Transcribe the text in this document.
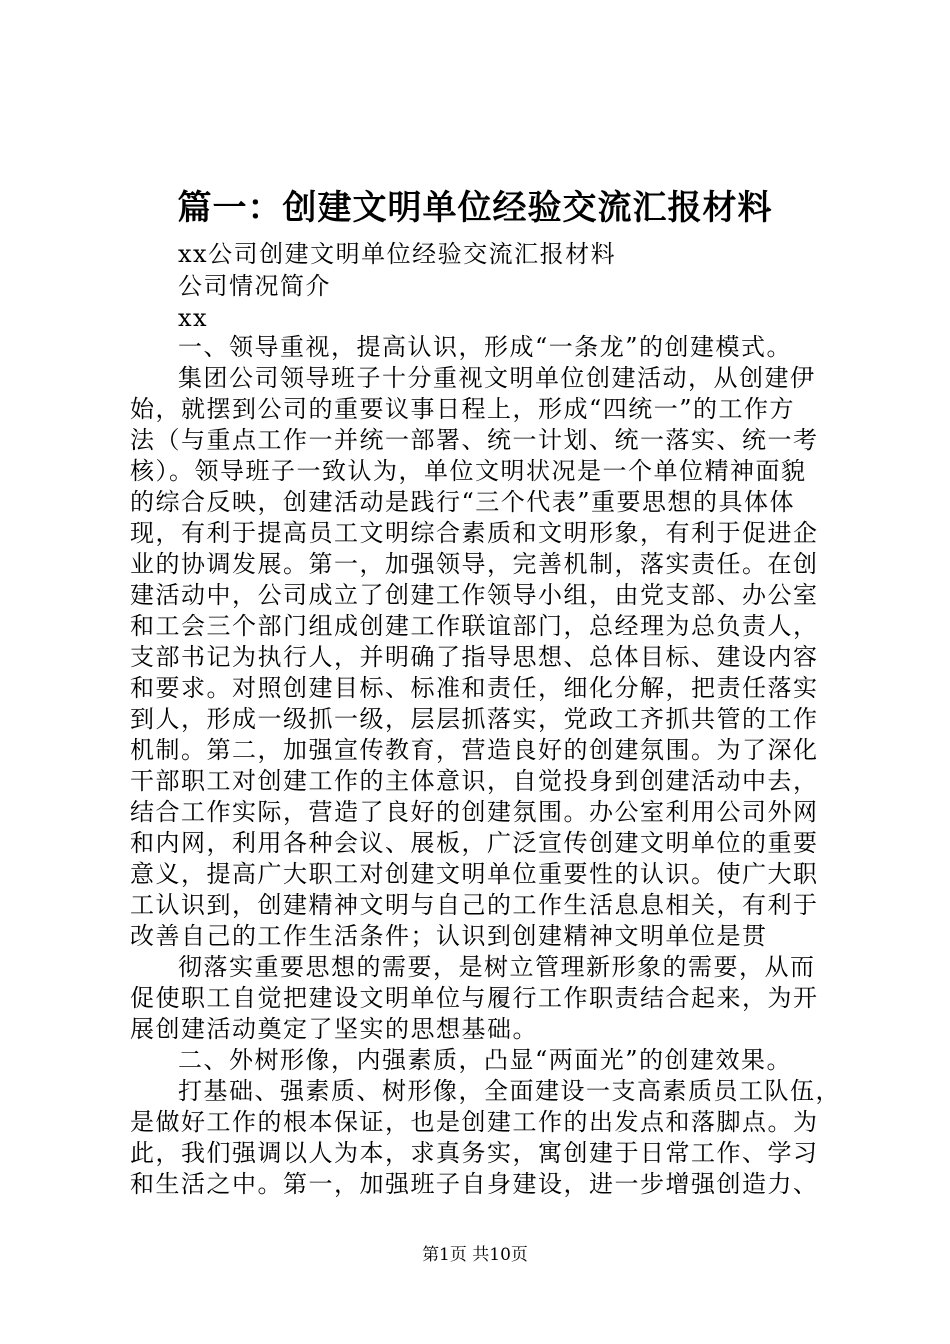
篇一：创建文明单位经验交流汇报材料
xx公司创建文明单位经验交流汇报材料
公司情况简介
xx
一、领导重视，提高认识，形成“一条龙”的创建模式。
集团公司领导班子十分重视文明单位创建活动，从创建伊
始，就摆到公司的重要议事日程上，形成“四统一”的工作方
法（与重点工作一并统一部署、统一计划、统一落实、统一考
核）。领导班子一致认为，单位文明状况是一个单位精神面貌
的综合反映，创建活动是践行“三个代表”重要思想的具体体
现，有利于提高员工文明综合素质和文明形象，有利于促进企
业的协调发展。第一，加强领导，完善机制，落实责任。在创
建活动中，公司成立了创建工作领导小组，由党支部、办公室
和工会三个部门组成创建工作联谊部门，总经理为总负责人，
支部书记为执行人，并明确了指导思想、总体目标、建设内容
和要求。对照创建目标、标准和责任，细化分解，把责任落实
到人，形成一级抓一级，层层抓落实，党政工齐抓共管的工作
机制。第二，加强宣传教育，营造良好的创建氛围。为了深化
干部职工对创建工作的主体意识，自觉投身到创建活动中去，
结合工作实际，营造了良好的创建氛围。办公室利用公司外网
和内网，利用各种会议、展板，广泛宣传创建文明单位的重要
意义，提高广大职工对创建文明单位重要性的认识。使广大职
工认识到，创建精神文明与自己的工作生活息息相关，有利于
改善自己的工作生活条件；认识到创建精神文明单位是贯
彻落实重要思想的需要，是树立管理新形象的需要，从而
促使职工自觉把建设文明单位与履行工作职责结合起来，为开
展创建活动奠定了坚实的思想基础。
二、外树形像，内强素质，凸显“两面光”的创建效果。
打基础、强素质、树形像，全面建设一支高素质员工队伍，
是做好工作的根本保证，也是创建工作的出发点和落脚点。为
此，我们强调以人为本，求真务实，寓创建于日常工作、学习
和生活之中。第一，加强班子自身建设，进一步增强创造力、
第1页 共10页
